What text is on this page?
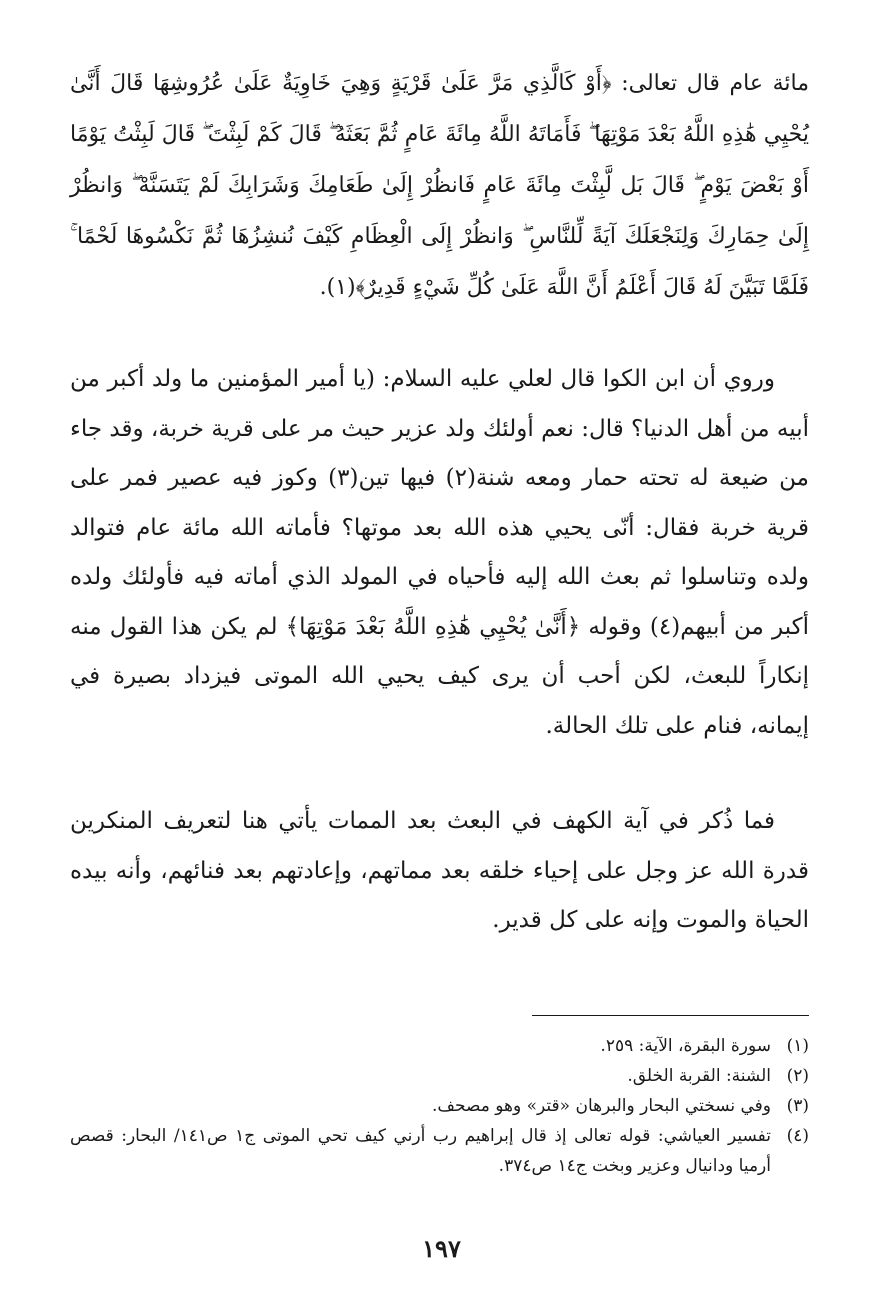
مائة عام قال تعالى: ﴿أَوْ كَالَّذِي مَرَّ عَلَىٰ قَرْيَةٍ وَهِيَ خَاوِيَةٌ عَلَىٰ عُرُوشِهَا قَالَ أَنَّىٰ يُحْيِي هَٰذِهِ اللَّهُ بَعْدَ مَوْتِهَا ۖ فَأَمَاتَهُ اللَّهُ مِائَةَ عَامٍ ثُمَّ بَعَثَهُ ۖ قَالَ كَمْ لَبِثْتَ ۖ قَالَ لَبِثْتُ يَوْمًا أَوْ بَعْضَ يَوْمٍ ۖ قَالَ بَل لَّبِثْتَ مِائَةَ عَامٍ فَانظُرْ إِلَىٰ طَعَامِكَ وَشَرَابِكَ لَمْ يَتَسَنَّهْ ۖ وَانظُرْ إِلَىٰ حِمَارِكَ وَلِنَجْعَلَكَ آيَةً لِّلنَّاسِ ۖ وَانظُرْ إِلَى الْعِظَامِ كَيْفَ نُنشِزُهَا ثُمَّ نَكْسُوهَا لَحْمًا ۚ فَلَمَّا تَبَيَّنَ لَهُ قَالَ أَعْلَمُ أَنَّ اللَّهَ عَلَىٰ كُلِّ شَيْءٍ قَدِيرٌ﴾(١).

وروي أن ابن الكوا قال لعلي عليه السلام: (يا أمير المؤمنين ما ولد أكبر من أبيه من أهل الدنيا؟ قال: نعم أولئك ولد عزير حيث مر على قرية خربة، وقد جاء من ضيعة له تحته حمار ومعه شنة(٢) فيها تين(٣) وكوز فيه عصير فمر على قرية خربة فقال: أنّى يحيي هذه الله بعد موتها؟ فأماته الله مائة عام فتوالد ولده وتناسلوا ثم بعث الله إليه فأحياه في المولد الذي أماته فيه فأولئك ولده أكبر من أبيهم(٤) وقوله ﴿أَنَّىٰ يُحْيِي هَٰذِهِ اللَّهُ بَعْدَ مَوْتِهَا﴾ لم يكن هذا القول منه إنكاراً للبعث، لكن أحب أن يرى كيف يحيي الله الموتى فيزداد بصيرة في إيمانه، فنام على تلك الحالة.

فما ذُكر في آية الكهف في البعث بعد الممات يأتي هنا لتعريف المنكرين قدرة الله عز وجل على إحياء خلقه بعد مماتهم، وإعادتهم بعد فنائهم، وأنه بيده الحياة والموت وإنه على كل قدير.

(١)
سورة البقرة، الآية: ٢٥٩.
(٢)
الشنة: القربة الخلق.
(٣)
وفي نسختي البحار والبرهان «قتر» وهو مصحف.
(٤)
تفسير العياشي: قوله تعالى إذ قال إبراهيم رب أرني كيف تحي الموتى ج١ ص١٤١/ البحار: قصص أرميا ودانيال وعزير وبخت ج١٤ ص٣٧٤.
١٩٧
